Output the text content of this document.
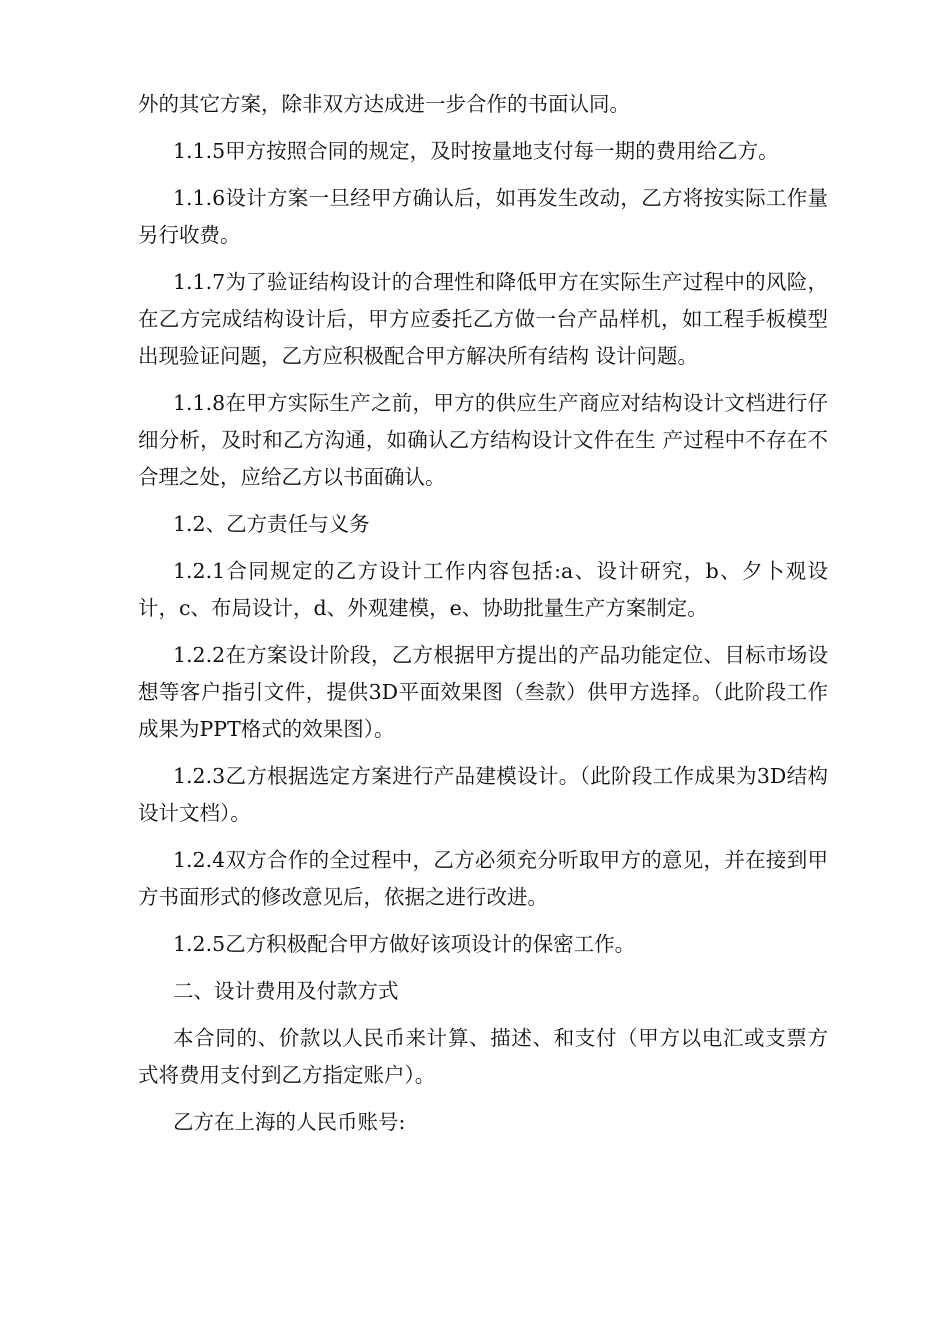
外的其它方案，除非双方达成进一步合作的书面认同。

1.1.5甲方按照合同的规定，及时按量地支付每一期的费用给乙方。

1.1.6设计方案一旦经甲方确认后，如再发生改动，乙方将按实际工作量另行收费。

1.1.7为了验证结构设计的合理性和降低甲方在实际生产过程中的风险，在乙方完成结构设计后，甲方应委托乙方做一台产品样机，如工程手板模型出现验证问题，乙方应积极配合甲方解决所有结构 设计问题。

1.1.8在甲方实际生产之前，甲方的供应生产商应对结构设计文档进行仔细分析，及时和乙方沟通，如确认乙方结构设计文件在生 产过程中不存在不合理之处，应给乙方以书面确认。

1.2、乙方责任与义务

1.2.1合同规定的乙方设计工作内容包括:a、设计研究，b、夕卜观设计，c、布局设计，d、外观建模，e、协助批量生产方案制定。

1.2.2在方案设计阶段，乙方根据甲方提出的产品功能定位、目标市场设想等客户指引文件，提供3D平面效果图（叁款）供甲方选择。（此阶段工作成果为PPT格式的效果图）。

1.2.3乙方根据选定方案进行产品建模设计。（此阶段工作成果为3D结构设计文档）。

1.2.4双方合作的全过程中，乙方必须充分听取甲方的意见，并在接到甲方书面形式的修改意见后，依据之进行改进。

1.2.5乙方积极配合甲方做好该项设计的保密工作。

二、设计费用及付款方式

本合同的、价款以人民币来计算、描述、和支付（甲方以电汇或支票方式将费用支付到乙方指定账户）。

乙方在上海的人民币账号:
